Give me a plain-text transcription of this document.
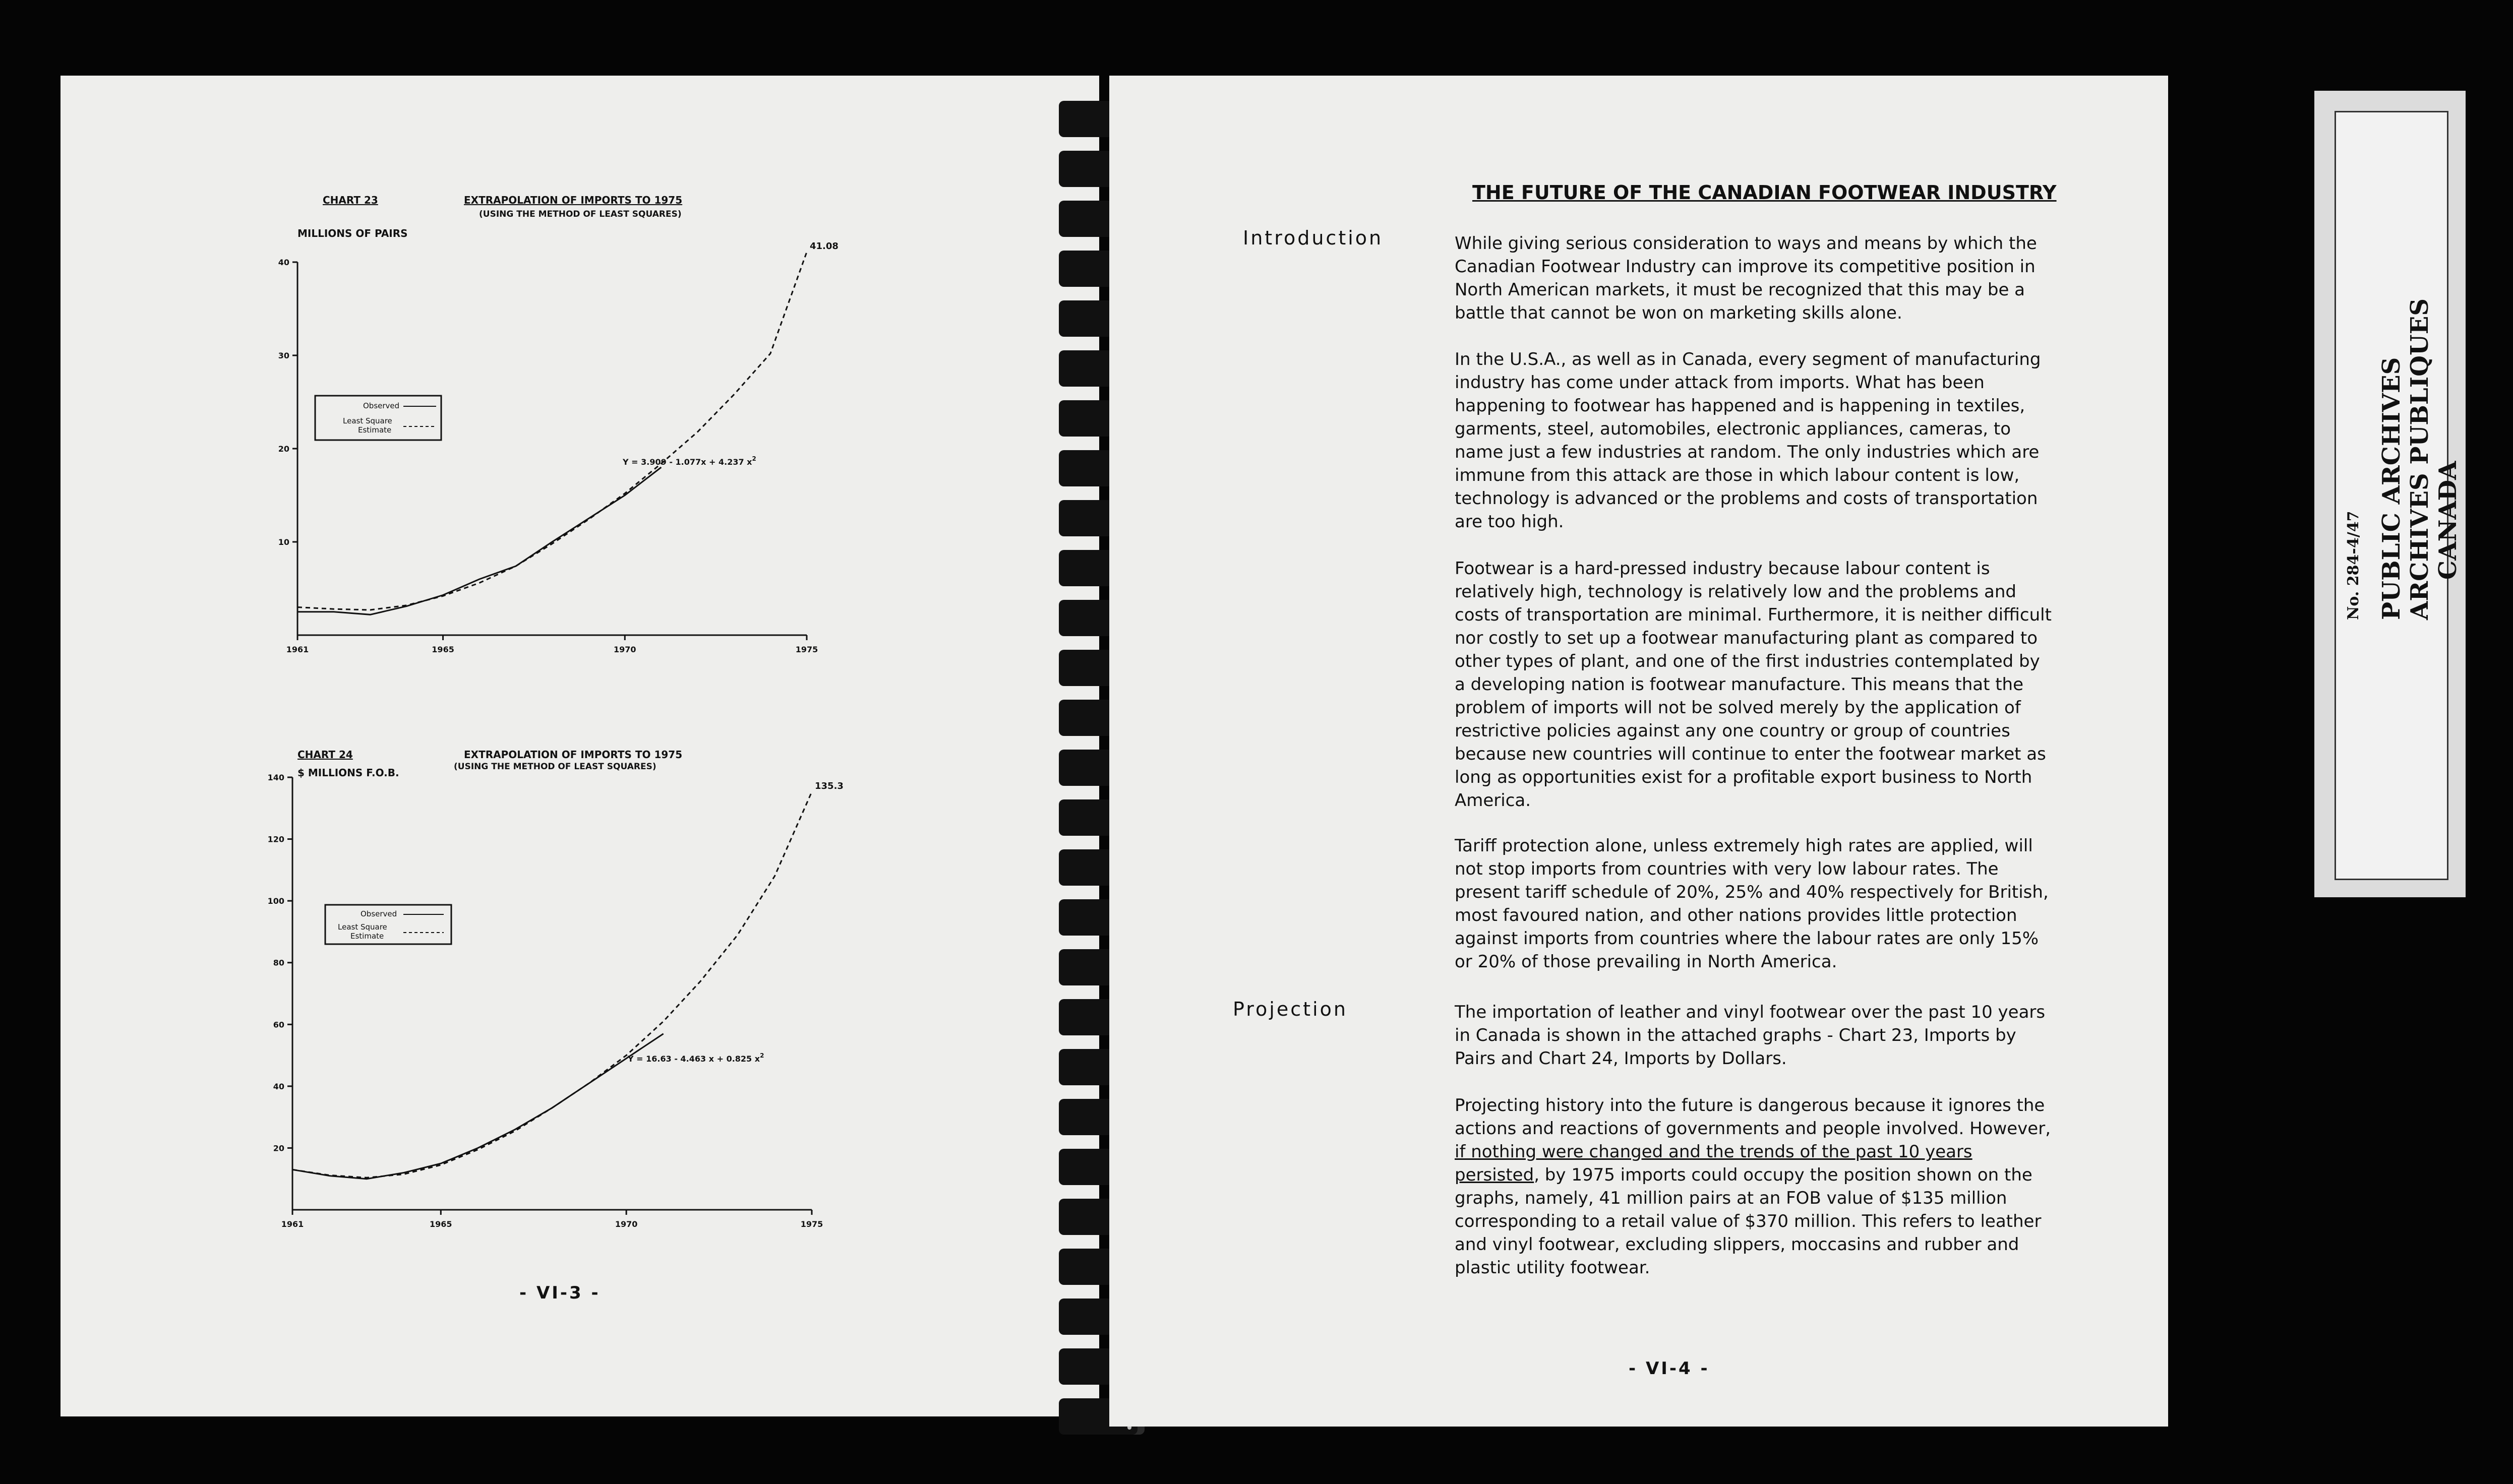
CHART 23	EXTRAPOLATION OF IMPORTS TO 1975
(USING THE METHOD OF LEAST SQUARES)
MILLIONS OF PAIRS
10
20
30
40
1961	1965	1970	1975
41.08
Observed
Least Square
Estimate
Y = 3.909 - 1.077x + 4.237 $x^2$
CHART 24	EXTRAPOLATION OF IMPORTS TO 1975
(USING THE METHOD OF LEAST SQUARES)
$ MILLIONS F.O.B.
20
40
60
80
100
120
140
1961	1965	1970	1975
135.3
Observed
Least Square
Estimate
Y = 16.63 - 4.463 x + 0.825 $x^2$
- VI-3 -
THE FUTURE OF THE CANADIAN FOOTWEAR INDUSTRY
Introduction
Projection

While giving serious consideration to ways and means by which the Canadian Footwear Industry can improve its competitive position in North American markets, it must be recognized that this may be a battle that cannot be won on marketing skills alone.

In the U.S.A., as well as in Canada, every segment of manufacturing industry has come under attack from imports. What has been happening to footwear has happened and is happening in textiles, garments, steel, automobiles, electronic appliances, cameras, to name just a few industries at random. The only industries which are immune from this attack are those in which labour content is low, technology is advanced or the problems and costs of transportation are too high.

Footwear is a hard-pressed industry because labour content is relatively high, technology is relatively low and the problems and costs of transportation are minimal. Furthermore, it is neither difficult nor costly to set up a footwear manufacturing plant as compared to other types of plant, and one of the first industries contemplated by a developing nation is footwear manufacture. This means that the problem of imports will not be solved merely by the application of restrictive policies against any one country or group of countries because new countries will continue to enter the footwear market as long as opportunities exist for a profitable export business to North America.

Tariff protection alone, unless extremely high rates are applied, will not stop imports from countries with very low labour rates. The present tariff schedule of 20%, 25% and 40% respectively for British, most favoured nation, and other nations provides little protection against imports from countries where the labour rates are only 15% or 20% of those prevailing in North America.

The importation of leather and vinyl footwear over the past 10 years in Canada is shown in the attached graphs - Chart 23, Imports by Pairs and Chart 24, Imports by Dollars.

Projecting history into the future is dangerous because it ignores the actions and reactions of governments and people involved. However, if nothing were changed and the trends of the past 10 years persisted, by 1975 imports could occupy the position shown on the graphs, namely, 41 million pairs at an FOB value of $135 million corresponding to a retail value of $370 million. This refers to leather and vinyl footwear, excluding slippers, moccasins and rubber and plastic utility footwear.

- VI-4 -
No. 284-4/47 PUBLIC ARCHIVES ARCHIVES PUBLIQUES CANADA
